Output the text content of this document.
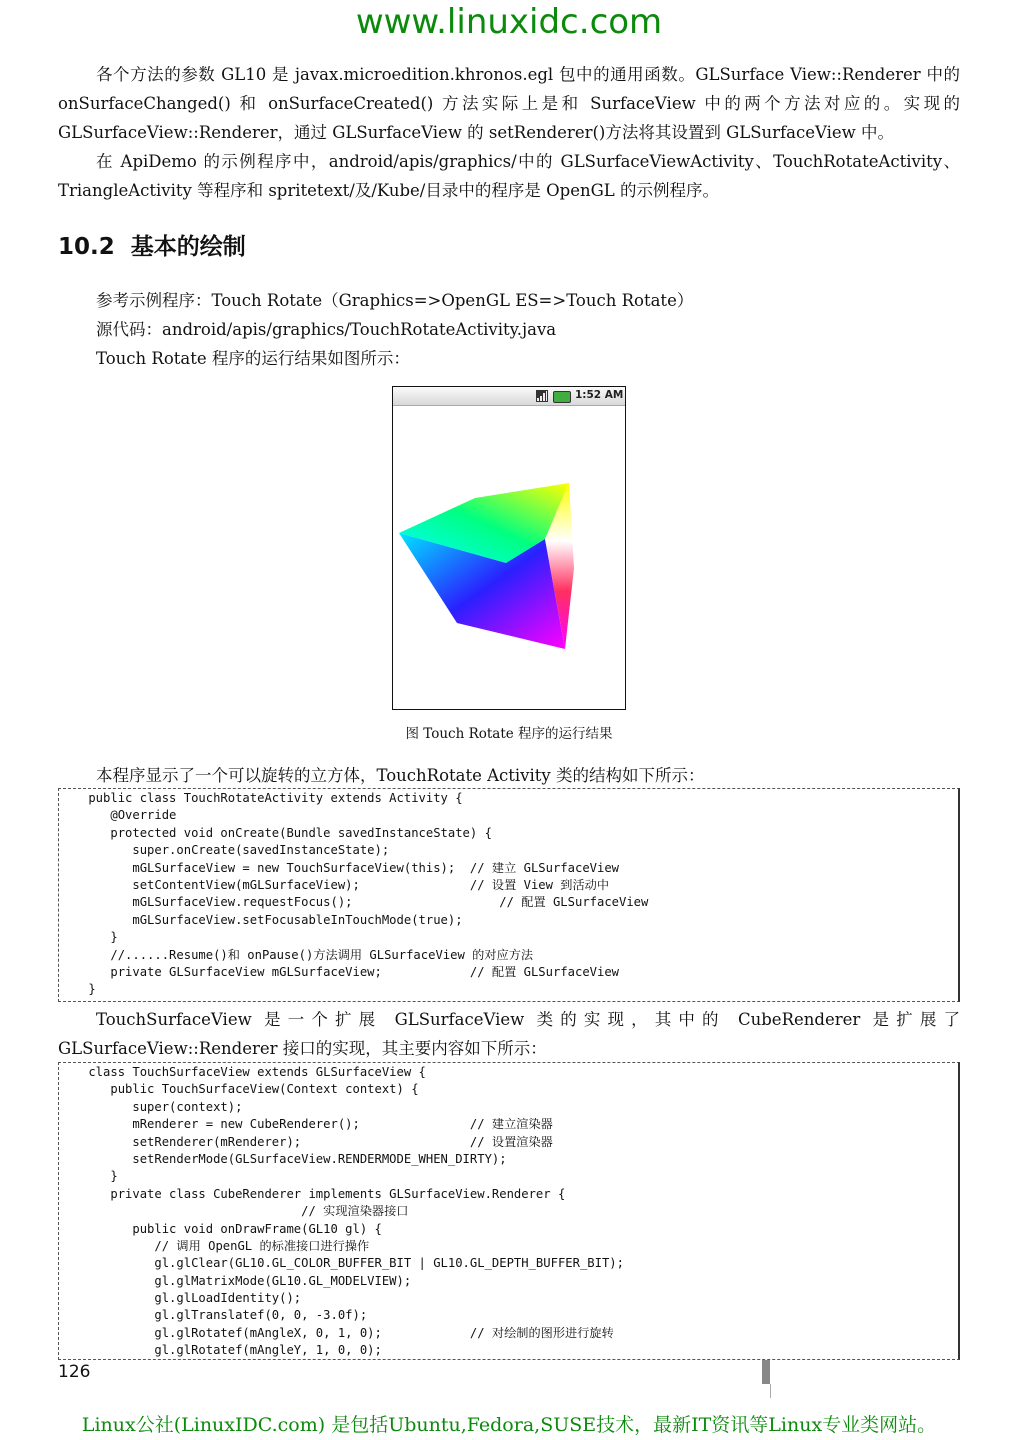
www.linuxidc.com

各个方法的参数 GL10 是 javax.microedition.khronos.egl 包中的通用函数。GLSurface View::Renderer 中的 onSurfaceChanged() 和 onSurfaceCreated() 方法实际上是和 SurfaceView 中的两个方法对应的。实现的 GLSurfaceView::Renderer，通过 GLSurfaceView 的 setRenderer()方法将其设置到 GLSurfaceView 中。

在 ApiDemo 的示例程序中，android/apis/graphics/中的 GLSurfaceViewActivity、TouchRotateActivity、TriangleActivity 等程序和 spritetext/及/Kube/目录中的程序是 OpenGL 的示例程序。

10.2 基本的绘制

参考示例程序：Touch Rotate（Graphics=>OpenGL ES=>Touch Rotate）

源代码：android/apis/graphics/TouchRotateActivity.java

Touch Rotate 程序的运行结果如图所示：

1:52 AM
图 Touch Rotate 程序的运行结果

本程序显示了一个可以旋转的立方体，TouchRotate Activity 类的结构如下所示：

public class TouchRotateActivity extends Activity {
@Override
protected void onCreate(Bundle savedInstanceState) {
super.onCreate(savedInstanceState);
mGLSurfaceView = new TouchSurfaceView(this);  // 建立 GLSurfaceView
setContentView(mGLSurfaceView);               // 设置 View 到活动中
mGLSurfaceView.requestFocus();                    // 配置 GLSurfaceView
mGLSurfaceView.setFocusableInTouchMode(true);
}
//......Resume()和 onPause()方法调用 GLSurfaceView 的对应方法
private GLSurfaceView mGLSurfaceView;            // 配置 GLSurfaceView
}

TouchSurfaceView 是一个扩展 GLSurfaceView 类的实现，其中的 CubeRenderer 是扩展了 GLSurfaceView::Renderer 接口的实现，其主要内容如下所示：

class TouchSurfaceView extends GLSurfaceView {
public TouchSurfaceView(Context context) {
super(context);
mRenderer = new CubeRenderer();               // 建立渲染器
setRenderer(mRenderer);                       // 设置渲染器
setRenderMode(GLSurfaceView.RENDERMODE_WHEN_DIRTY);
}
private class CubeRenderer implements GLSurfaceView.Renderer {
// 实现渲染器接口
public void onDrawFrame(GL10 gl) {
// 调用 OpenGL 的标准接口进行操作
gl.glClear(GL10.GL_COLOR_BUFFER_BIT | GL10.GL_DEPTH_BUFFER_BIT);
gl.glMatrixMode(GL10.GL_MODELVIEW);
gl.glLoadIdentity();
gl.glTranslatef(0, 0, -3.0f);
gl.glRotatef(mAngleX, 0, 1, 0);            // 对绘制的图形进行旋转
gl.glRotatef(mAngleY, 1, 0, 0);
126
Linux公社(LinuxIDC.com) 是包括Ubuntu,Fedora,SUSE技术，最新IT资讯等Linux专业类网站。
